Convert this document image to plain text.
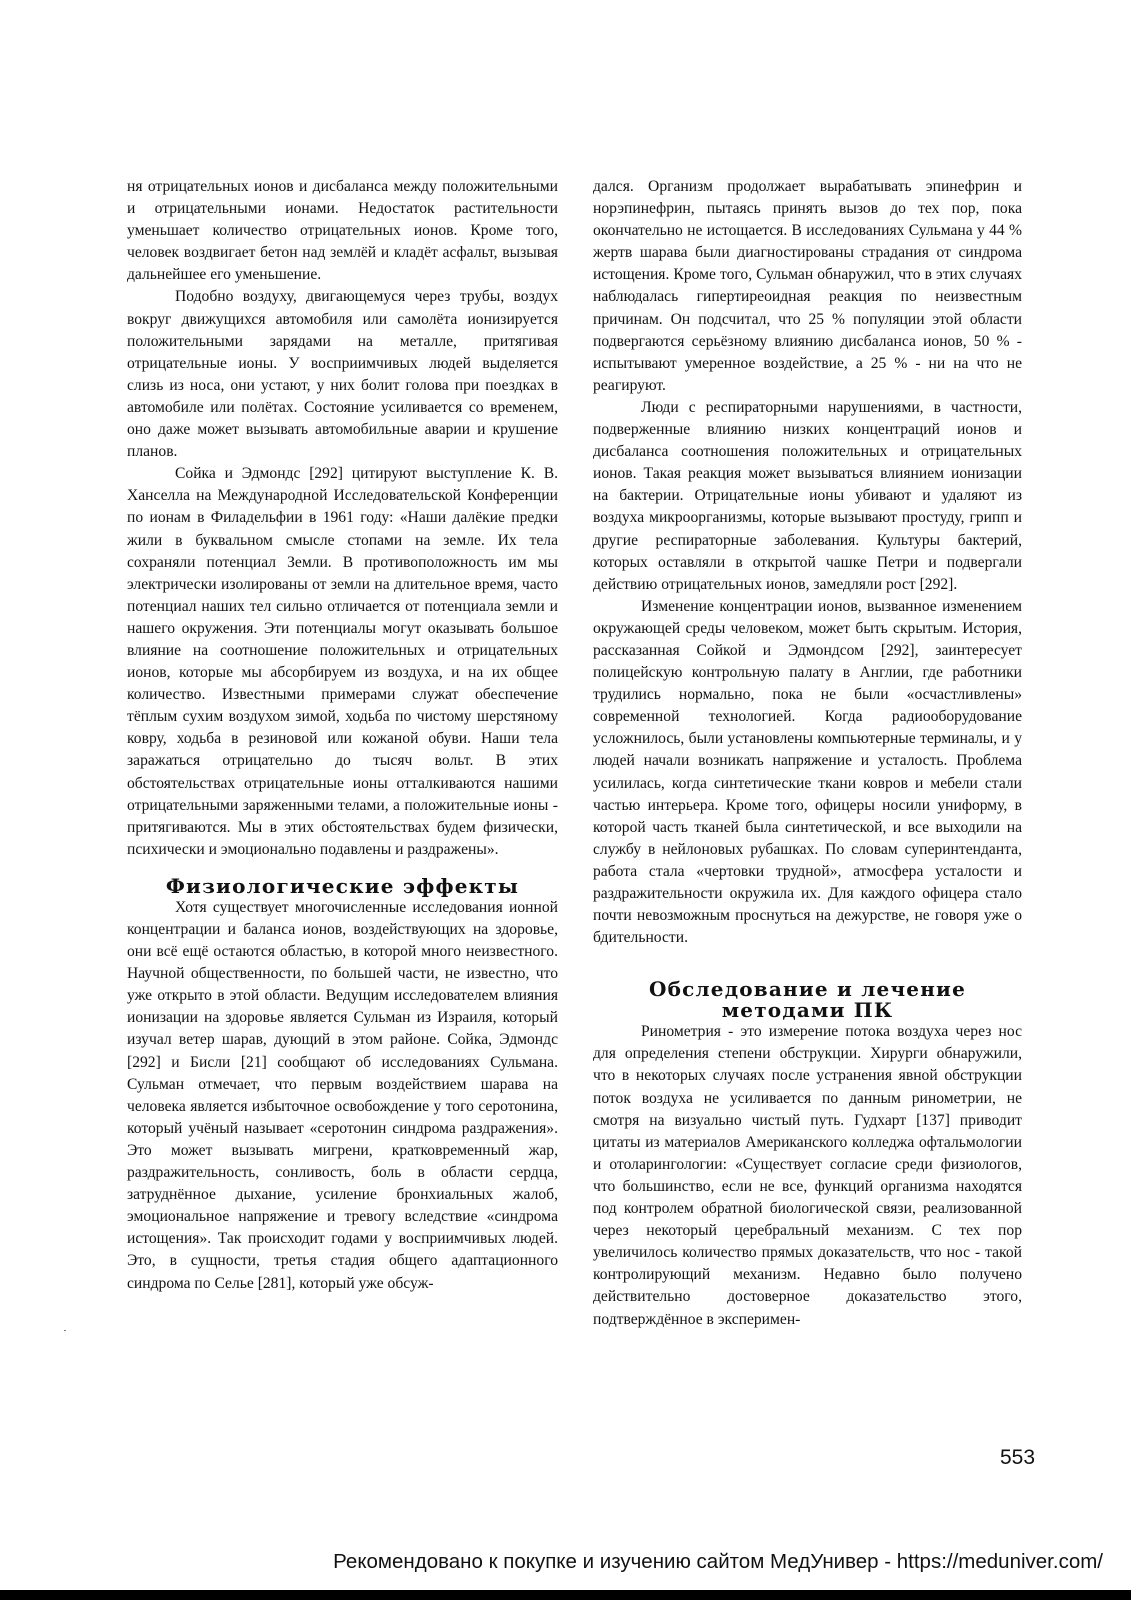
ня отрицательных ионов и дисбаланса между положительными и отрицательными ионами. Недостаток растительности уменьшает количество отрицательных ионов. Кроме того, человек воздвигает бетон над землёй и кладёт асфальт, вызывая дальнейшее его уменьшение.

Подобно воздуху, двигающемуся через трубы, воздух вокруг движущихся автомобиля или самолёта ионизируется положительными зарядами на металле, притягивая отрицательные ионы. У восприимчивых людей выделяется слизь из носа, они устают, у них болит голова при поездках в автомобиле или полётах. Состояние усиливается со временем, оно даже может вызывать автомобильные аварии и крушение планов.

Сойка и Эдмондс [292] цитируют выступление К. В. Ханселла на Международной Исследовательской Конференции по ионам в Филадельфии в 1961 году: «Наши далёкие предки жили в буквальном смысле стопами на земле. Их тела сохраняли потенциал Земли. В противоположность им мы электрически изолированы от земли на длительное время, часто потенциал наших тел сильно отличается от потенциала земли и нашего окружения. Эти потенциалы могут оказывать большое влияние на соотношение положительных и отрицательных ионов, которые мы абсорбируем из воздуха, и на их общее количество. Известными примерами служат обеспечение тёплым сухим воздухом зимой, ходьба по чистому шерстяному ковру, ходьба в резиновой или кожаной обуви. Наши тела заражаться отрицательно до тысяч вольт. В этих обстоятельствах отрицательные ионы отталкиваются нашими отрицательными заряженными телами, а положительные ионы - притягиваются. Мы в этих обстоятельствах будем физически, психически и эмоционально подавлены и раздражены».

Физиологические эффекты

Хотя существует многочисленные исследования ионной концентрации и баланса ионов, воздействующих на здоровье, они всё ещё остаются областью, в которой много неизвестного. Научной общественности, по большей части, не известно, что уже открыто в этой области. Ведущим исследователем влияния ионизации на здоровье является Сульман из Израиля, который изучал ветер шарав, дующий в этом районе. Сойка, Эдмондс [292] и Бисли [21] сообщают об исследованиях Сульмана. Сульман отмечает, что первым воздействием шарава на человека является избыточное освобождение у того серотонина, который учёный называет «серотонин синдрома раздражения». Это может вызывать мигрени, кратковременный жар, раздражительность, сонливость, боль в области сердца, затруднённое дыхание, усиление бронхиальных жалоб, эмоциональное напряжение и тревогу вследствие «синдрома истощения». Так происходит годами у восприимчивых людей. Это, в сущности, третья стадия общего адаптационного синдрома по Селье [281], который уже обсуж-

дался. Организм продолжает вырабатывать эпинефрин и норэпинефрин, пытаясь принять вызов до тех пор, пока окончательно не истощается. В исследованиях Сульмана у 44 % жертв шарава были диагностированы страдания от синдрома истощения. Кроме того, Сульман обнаружил, что в этих случаях наблюдалась гипертиреоидная реакция по неизвестным причинам. Он подсчитал, что 25 % популяции этой области подвергаются серьёзному влиянию дисбаланса ионов, 50 % - испытывают умеренное воздействие, а 25 % - ни на что не реагируют.

Люди с респираторными нарушениями, в частности, подверженные влиянию низких концентраций ионов и дисбаланса соотношения положительных и отрицательных ионов. Такая реакция может вызываться влиянием ионизации на бактерии. Отрицательные ионы убивают и удаляют из воздуха микроорганизмы, которые вызывают простуду, грипп и другие респираторные заболевания. Культуры бактерий, которых оставляли в открытой чашке Петри и подвергали действию отрицательных ионов, замедляли рост [292].

Изменение концентрации ионов, вызванное изменением окружающей среды человеком, может быть скрытым. История, рассказанная Сойкой и Эдмондсом [292], заинтересует полицейскую контрольную палату в Англии, где работники трудились нормально, пока не были «осчастливлены» современной технологией. Когда радиооборудование усложнилось, были установлены компьютерные терминалы, и у людей начали возникать напряжение и усталость. Проблема усилилась, когда синтетические ткани ковров и мебели стали частью интерьера. Кроме того, офицеры носили униформу, в которой часть тканей была синтетической, и все выходили на службу в нейлоновых рубашках. По словам суперинтенданта, работа стала «чертовки трудной», атмосфера усталости и раздражительности окружила их. Для каждого офицера стало почти невозможным проснуться на дежурстве, не говоря уже о бдительности.

Обследование и лечение
методами ПК

Ринометрия - это измерение потока воздуха через нос для определения степени обструкции. Хирурги обнаружили, что в некоторых случаях после устранения явной обструкции поток воздуха не усиливается по данным ринометрии, не смотря на визуально чистый путь. Гудхарт [137] приводит цитаты из материалов Американского колледжа офтальмологии и отоларингологии: «Существует согласие среди физиологов, что большинство, если не все, функций организма находятся под контролем обратной биологической связи, реализованной через некоторый церебральный механизм. С тех пор увеличилось количество прямых доказательств, что нос - такой контролирующий механизм. Недавно было получено действительно достоверное доказательство этого, подтверждённое в эксперимен-

553
Рекомендовано к покупке и изучению сайтом МедУнивер - https://meduniver.com/
